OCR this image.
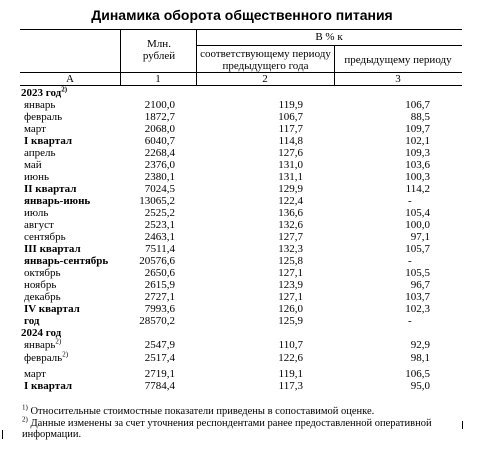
Динамика оборота общественного питания
Млн. рублей
В % к
соответствующему периоду предыдущего года	предыдущему периоду
А	1	2	3
2023 год$^{2)}$
январь	2100,0	119,9	106,7
февраль	1872,7	106,7	88,5
март	2068,0	117,7	109,7
I квартал	6040,7	114,8	102,1
апрель	2268,4	127,6	109,3
май	2376,0	131,0	103,6
июнь	2380,1	131,1	100,3
II квартал	7024,5	129,9	114,2
январь-июнь	13065,2	122,4	-
июль	2525,2	136,6	105,4
август	2523,1	132,6	100,0
сентябрь	2463,1	127,7	97,1
III квартал	7511,4	132,3	105,7
январь-сентябрь	20576,6	125,8	-
октябрь	2650,6	127,1	105,5
ноябрь	2615,9	123,9	96,7
декабрь	2727,1	127,1	103,7
IV квартал	7993,6	126,0	102,3
год	28570,2	125,9	-
2024 год
январь$^{2)}$	2547,9	110,7	92,9
февраль$^{2)}$	2517,4	122,6	98,1
март	2719,1	119,1	106,5
I квартал	7784,4	117,3	95,0
$^{1)}$ Относительные стоимостные показатели приведены в сопоставимой оценке.
$^{2)}$ Данные изменены за счет уточнения респондентами ранее предоставленной оперативной информации.
